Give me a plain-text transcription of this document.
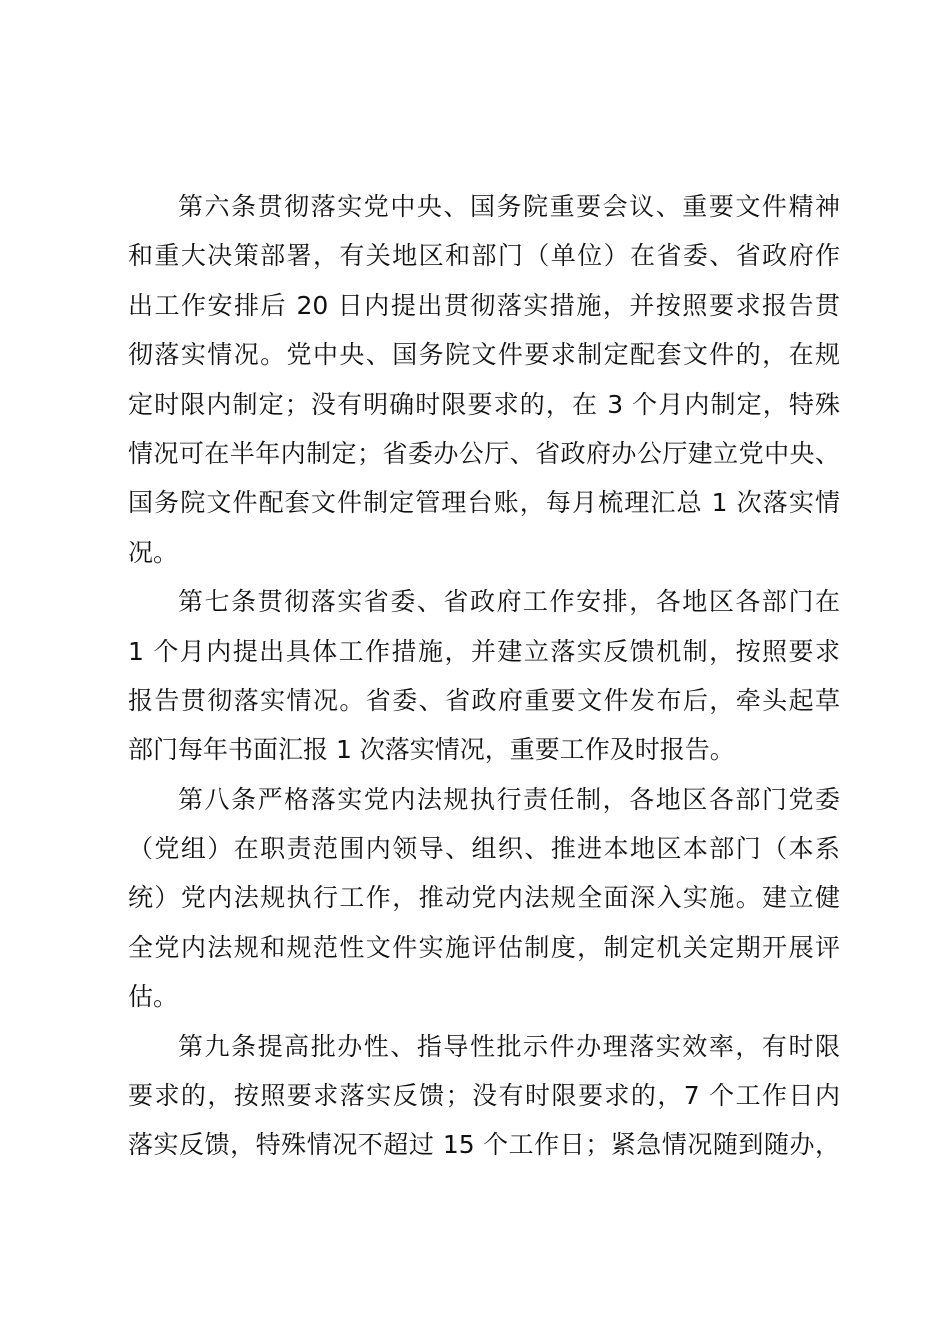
第六条贯彻落实党中央、国务院重要会议、重要文件精神
和重大决策部署，有关地区和部门（单位）在省委、省政府作
出工作安排后 20 日内提出贯彻落实措施，并按照要求报告贯
彻落实情况。党中央、国务院文件要求制定配套文件的，在规
定时限内制定；没有明确时限要求的，在 3 个月内制定，特殊
情况可在半年内制定；省委办公厅、省政府办公厅建立党中央、
国务院文件配套文件制定管理台账，每月梳理汇总 1 次落实情
况。
第七条贯彻落实省委、省政府工作安排，各地区各部门在
1 个月内提出具体工作措施，并建立落实反馈机制，按照要求
报告贯彻落实情况。省委、省政府重要文件发布后，牵头起草
部门每年书面汇报 1 次落实情况，重要工作及时报告。
第八条严格落实党内法规执行责任制，各地区各部门党委
（党组）在职责范围内领导、组织、推进本地区本部门（本系
统）党内法规执行工作，推动党内法规全面深入实施。建立健
全党内法规和规范性文件实施评估制度，制定机关定期开展评
估。
第九条提高批办性、指导性批示件办理落实效率，有时限
要求的，按照要求落实反馈；没有时限要求的，7 个工作日内
落实反馈，特殊情况不超过 15 个工作日；紧急情况随到随办，
